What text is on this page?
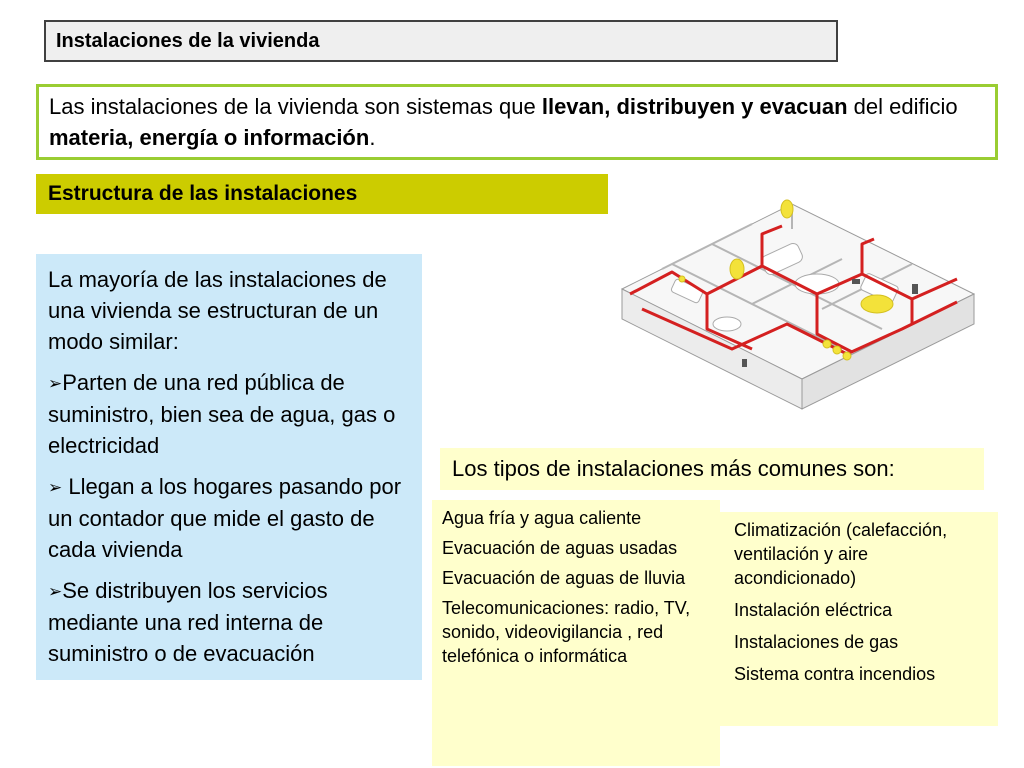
Instalaciones de la vivienda
Las instalaciones de la vivienda son sistemas que llevan, distribuyen y evacuan del edificio materia, energía o información.
Estructura de las instalaciones

La mayoría de las instalaciones de una vivienda se estructuran de un modo similar:

➢Parten de una red pública de suministro, bien sea de agua, gas o electricidad
➢ Llegan a los hogares pasando por un contador que mide el gasto de cada vivienda
➢Se distribuyen los servicios mediante una red interna de suministro o de evacuación
Los tipos de instalaciones más comunes son:
Agua fría y agua caliente
Evacuación de aguas usadas
Evacuación de aguas de lluvia
Telecomunicaciones: radio, TV, sonido, videovigilancia , red telefónica o informática
Climatización (calefacción, ventilación y aire acondicionado)
Instalación eléctrica
Instalaciones de gas
Sistema contra incendios
